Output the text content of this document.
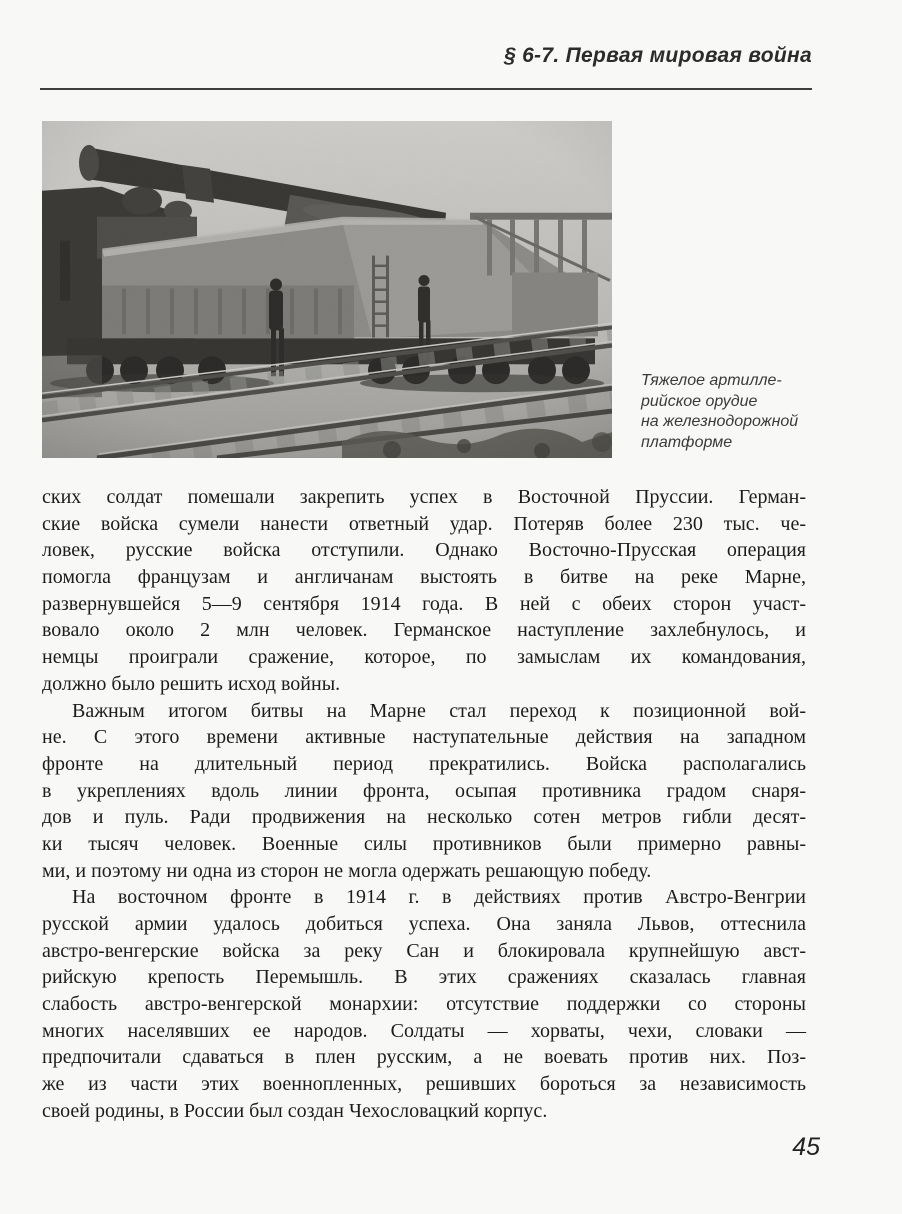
§ 6-7. Первая мировая война
Тяжелое артилле-
рийское орудие
на железнодорожной
платформе
ских солдат помешали закрепить успех в Восточной Пруссии. Герман-
ские войска сумели нанести ответный удар. Потеряв более 230 тыс. че-
ловек, русские войска отступили. Однако Восточно-Прусская операция
помогла французам и англичанам выстоять в битве на реке Марне,
развернувшейся 5—9 сентября 1914 года. В ней с обеих сторон участ-
вовало около 2 млн человек. Германское наступление захлебнулось, и
немцы проиграли сражение, которое, по замыслам их командования,
должно было решить исход войны.
Важным итогом битвы на Марне стал переход к позиционной вой-
не. С этого времени активные наступательные действия на западном
фронте на длительный период прекратились. Войска располагались
в укреплениях вдоль линии фронта, осыпая противника градом снаря-
дов и пуль. Ради продвижения на несколько сотен метров гибли десят-
ки тысяч человек. Военные силы противников были примерно равны-
ми, и поэтому ни одна из сторон не могла одержать решающую победу.
На восточном фронте в 1914 г. в действиях против Австро-Венгрии
русской армии удалось добиться успеха. Она заняла Львов, оттеснила
австро-венгерские войска за реку Сан и блокировала крупнейшую авст-
рийскую крепость Перемышль. В этих сражениях сказалась главная
слабость австро-венгерской монархии: отсутствие поддержки со стороны
многих населявших ее народов. Солдаты — хорваты, чехи, словаки —
предпочитали сдаваться в плен русским, а не воевать против них. Поз-
же из части этих военнопленных, решивших бороться за независимость
своей родины, в России был создан Чехословацкий корпус.
45
